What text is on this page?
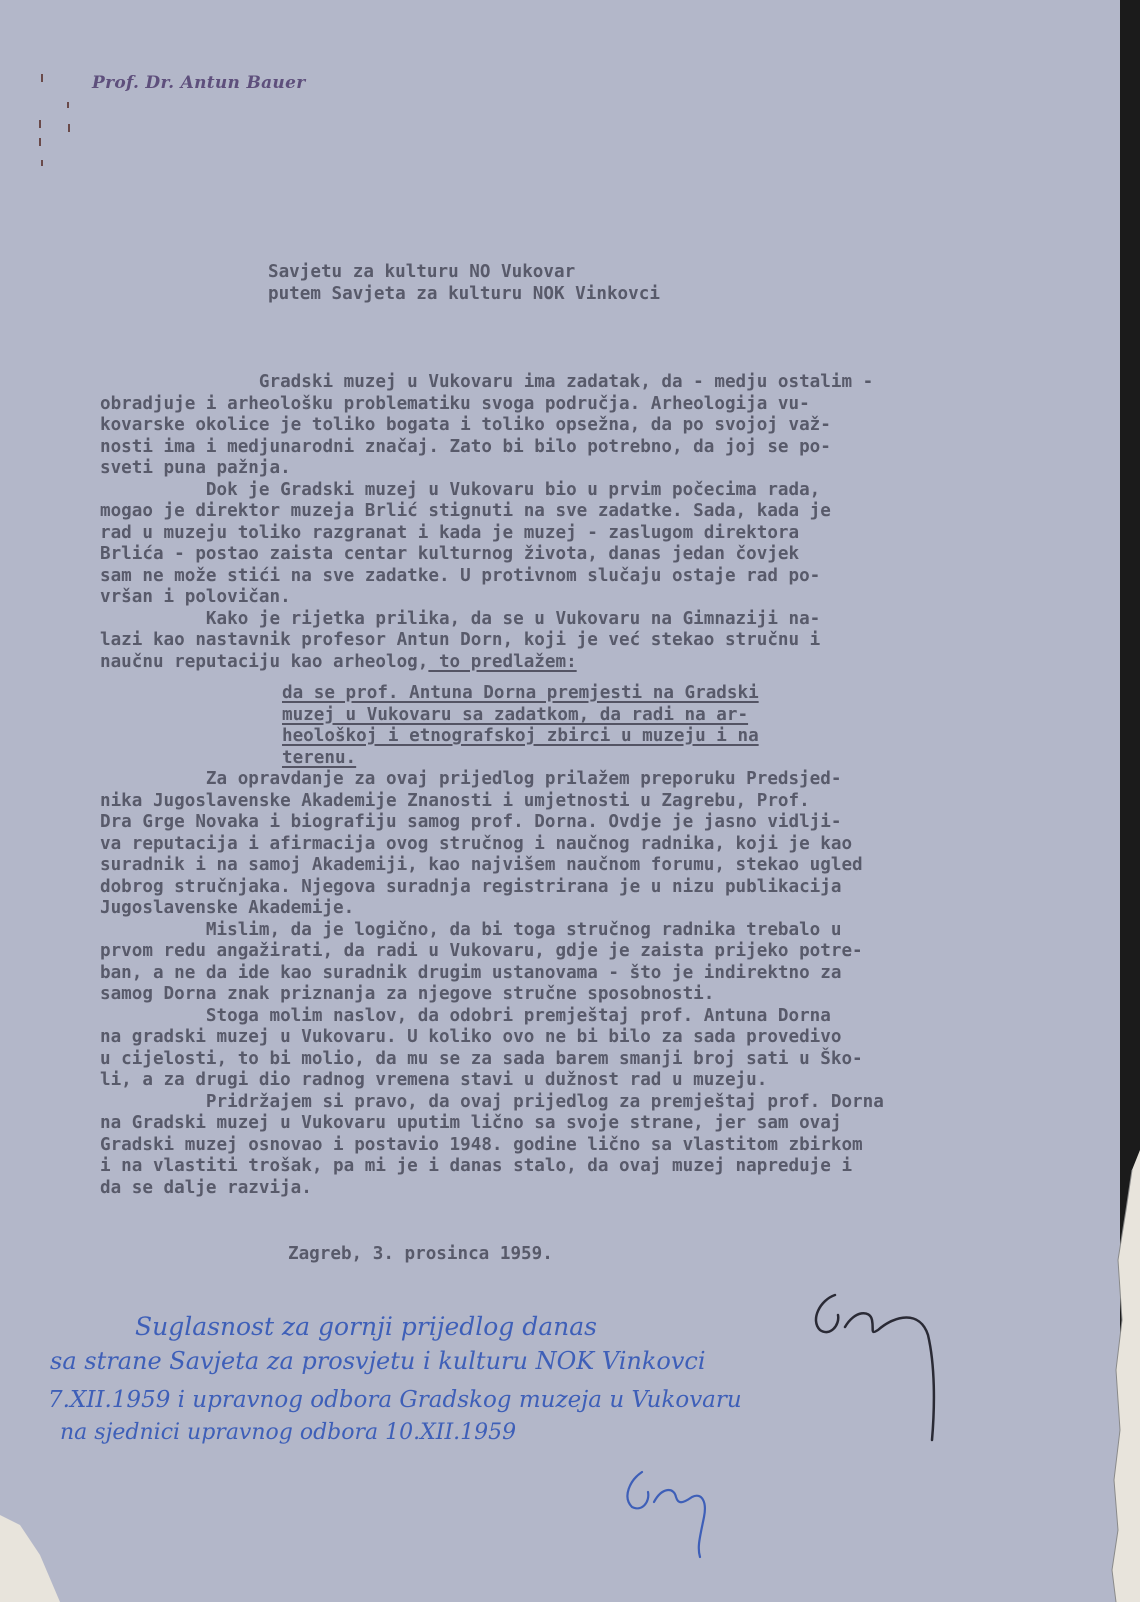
Prof. Dr. Antun Bauer
Savjetu za kulturu NO Vukovar
putem Savjeta za kulturu NOK Vinkovci
Gradski muzej u Vukovaru ima zadatak, da - medju ostalim -
obradjuje i arheološku problematiku svoga područja. Arheologija vu-
kovarske okolice je toliko bogata i toliko opsežna, da po svojoj važ-
nosti ima i medjunarodni značaj. Zato bi bilo potrebno, da joj se po-
sveti puna pažnja.
Dok je Gradski muzej u Vukovaru bio u prvim počecima rada,
mogao je direktor muzeja Brlić stignuti na sve zadatke. Sada, kada je
rad u muzeju toliko razgranat i kada je muzej - zaslugom direktora
Brlića - postao zaista centar kulturnog života, danas jedan čovjek
sam ne može stići na sve zadatke. U protivnom slučaju ostaje rad po-
vršan i polovičan.
Kako je rijetka prilika, da se u Vukovaru na Gimnaziji na-
lazi kao nastavnik profesor Antun Dorn, koji je već stekao stručnu i
naučnu reputaciju kao arheolog, to predlažem:
da se prof. Antuna Dorna premjesti na Gradski
muzej u Vukovaru sa zadatkom, da radi na ar-
heološkoj i etnografskoj zbirci u muzeju i na
terenu.
Za opravdanje za ovaj prijedlog prilažem preporuku Predsjed-
nika Jugoslavenske Akademije Znanosti i umjetnosti u Zagrebu, Prof.
Dra Grge Novaka i biografiju samog prof. Dorna. Ovdje je jasno vidlji-
va reputacija i afirmacija ovog stručnog i naučnog radnika, koji je kao
suradnik i na samoj Akademiji, kao najvišem naučnom forumu, stekao ugled
dobrog stručnjaka. Njegova suradnja registrirana je u nizu publikacija
Jugoslavenske Akademije.
Mislim, da je logično, da bi toga stručnog radnika trebalo u
prvom redu angažirati, da radi u Vukovaru, gdje je zaista prijeko potre-
ban, a ne da ide kao suradnik drugim ustanovama - što je indirektno za
samog Dorna znak priznanja za njegove stručne sposobnosti.
Stoga molim naslov, da odobri premještaj prof. Antuna Dorna
na gradski muzej u Vukovaru. U koliko ovo ne bi bilo za sada provedivo
u cijelosti, to bi molio, da mu se za sada barem smanji broj sati u Ško-
li, a za drugi dio radnog vremena stavi u dužnost rad u muzeju.
Pridržajem si pravo, da ovaj prijedlog za premještaj prof. Dorna
na Gradski muzej u Vukovaru uputim lično sa svoje strane, jer sam ovaj
Gradski muzej osnovao i postavio 1948. godine lično sa vlastitom zbirkom
i na vlastiti trošak, pa mi je i danas stalo, da ovaj muzej napreduje i
da se dalje razvija.
Zagreb, 3. prosinca 1959.
Suglasnost za gornji prijedlog danas
sa strane Savjeta za prosvjetu i kulturu NOK Vinkovci
7.XII.1959 i upravnog odbora Gradskog muzeja u Vukovaru
na sjednici upravnog odbora 10.XII.1959
